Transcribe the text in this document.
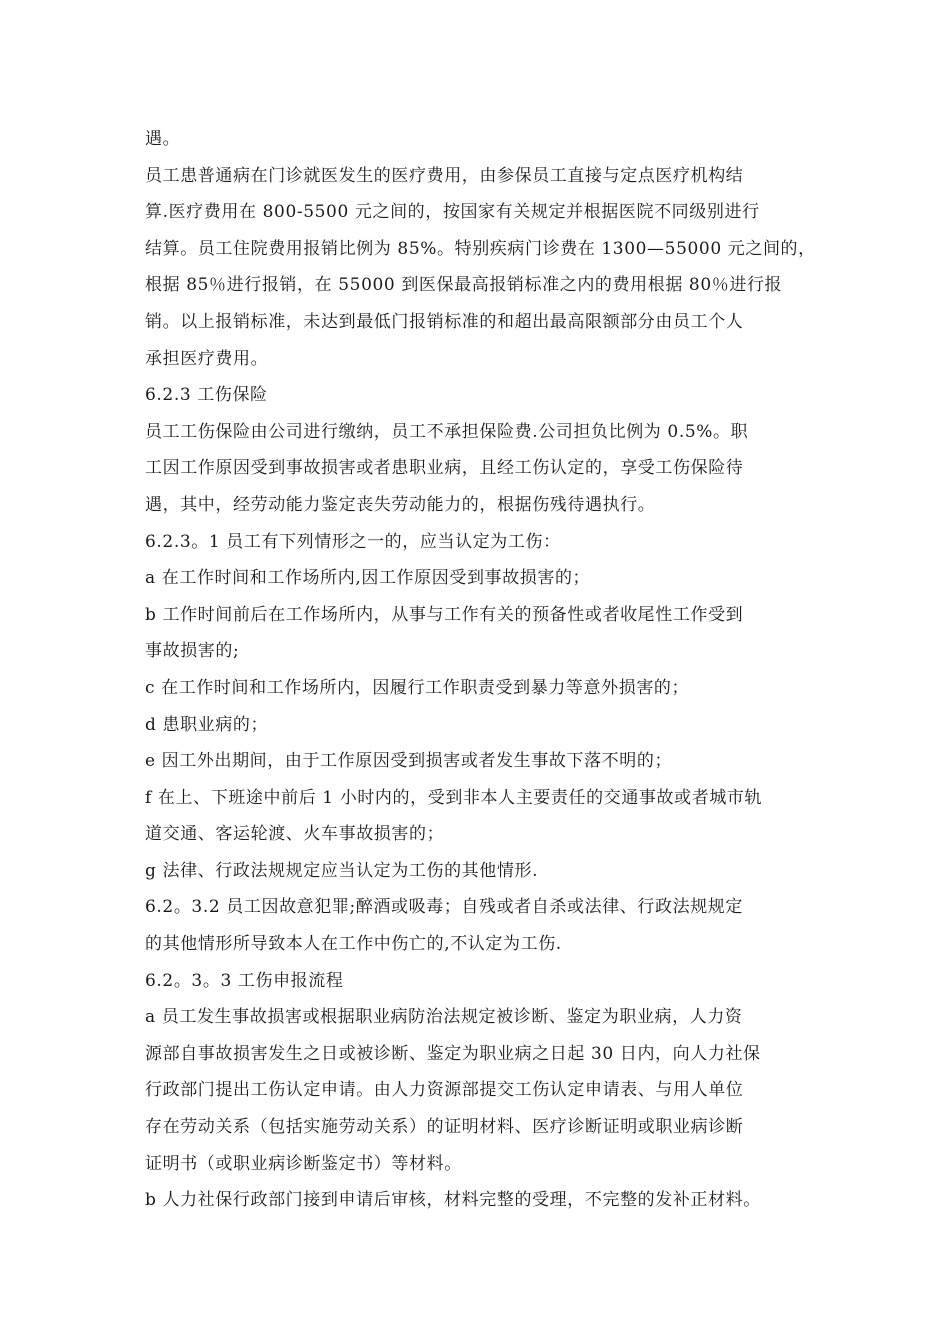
遇。
员工患普通病在门诊就医发生的医疗费用，由参保员工直接与定点医疗机构结
算.医疗费用在 800-5500 元之间的，按国家有关规定并根据医院不同级别进行
结算。员工住院费用报销比例为 85%。特别疾病门诊费在 1300—55000 元之间的，
根据 85％进行报销，在 55000 到医保最高报销标准之内的费用根据 80％进行报
销。以上报销标准，未达到最低门报销标准的和超出最高限额部分由员工个人
承担医疗费用。
6.2.3 工伤保险
员工工伤保险由公司进行缴纳，员工不承担保险费.公司担负比例为 0.5%。职
工因工作原因受到事故损害或者患职业病，且经工伤认定的，享受工伤保险待
遇，其中，经劳动能力鉴定丧失劳动能力的，根据伤残待遇执行。
6.2.3。1 员工有下列情形之一的，应当认定为工伤：
a 在工作时间和工作场所内,因工作原因受到事故损害的；
b 工作时间前后在工作场所内，从事与工作有关的预备性或者收尾性工作受到
事故损害的;
c 在工作时间和工作场所内，因履行工作职责受到暴力等意外损害的；
d 患职业病的；
e 因工外出期间，由于工作原因受到损害或者发生事故下落不明的；
f 在上、下班途中前后 1 小时内的，受到非本人主要责任的交通事故或者城市轨
道交通、客运轮渡、火车事故损害的；
g 法律、行政法规规定应当认定为工伤的其他情形.
6.2。3.2 员工因故意犯罪;醉酒或吸毒；自残或者自杀或法律、行政法规规定
的其他情形所导致本人在工作中伤亡的,不认定为工伤.
6.2。3。3 工伤申报流程
a 员工发生事故损害或根据职业病防治法规定被诊断、鉴定为职业病，人力资
源部自事故损害发生之日或被诊断、鉴定为职业病之日起 30 日内，向人力社保
行政部门提出工伤认定申请。由人力资源部提交工伤认定申请表、与用人单位
存在劳动关系（包括实施劳动关系）的证明材料、医疗诊断证明或职业病诊断
证明书（或职业病诊断鉴定书）等材料。
b 人力社保行政部门接到申请后审核，材料完整的受理，不完整的发补正材料。
